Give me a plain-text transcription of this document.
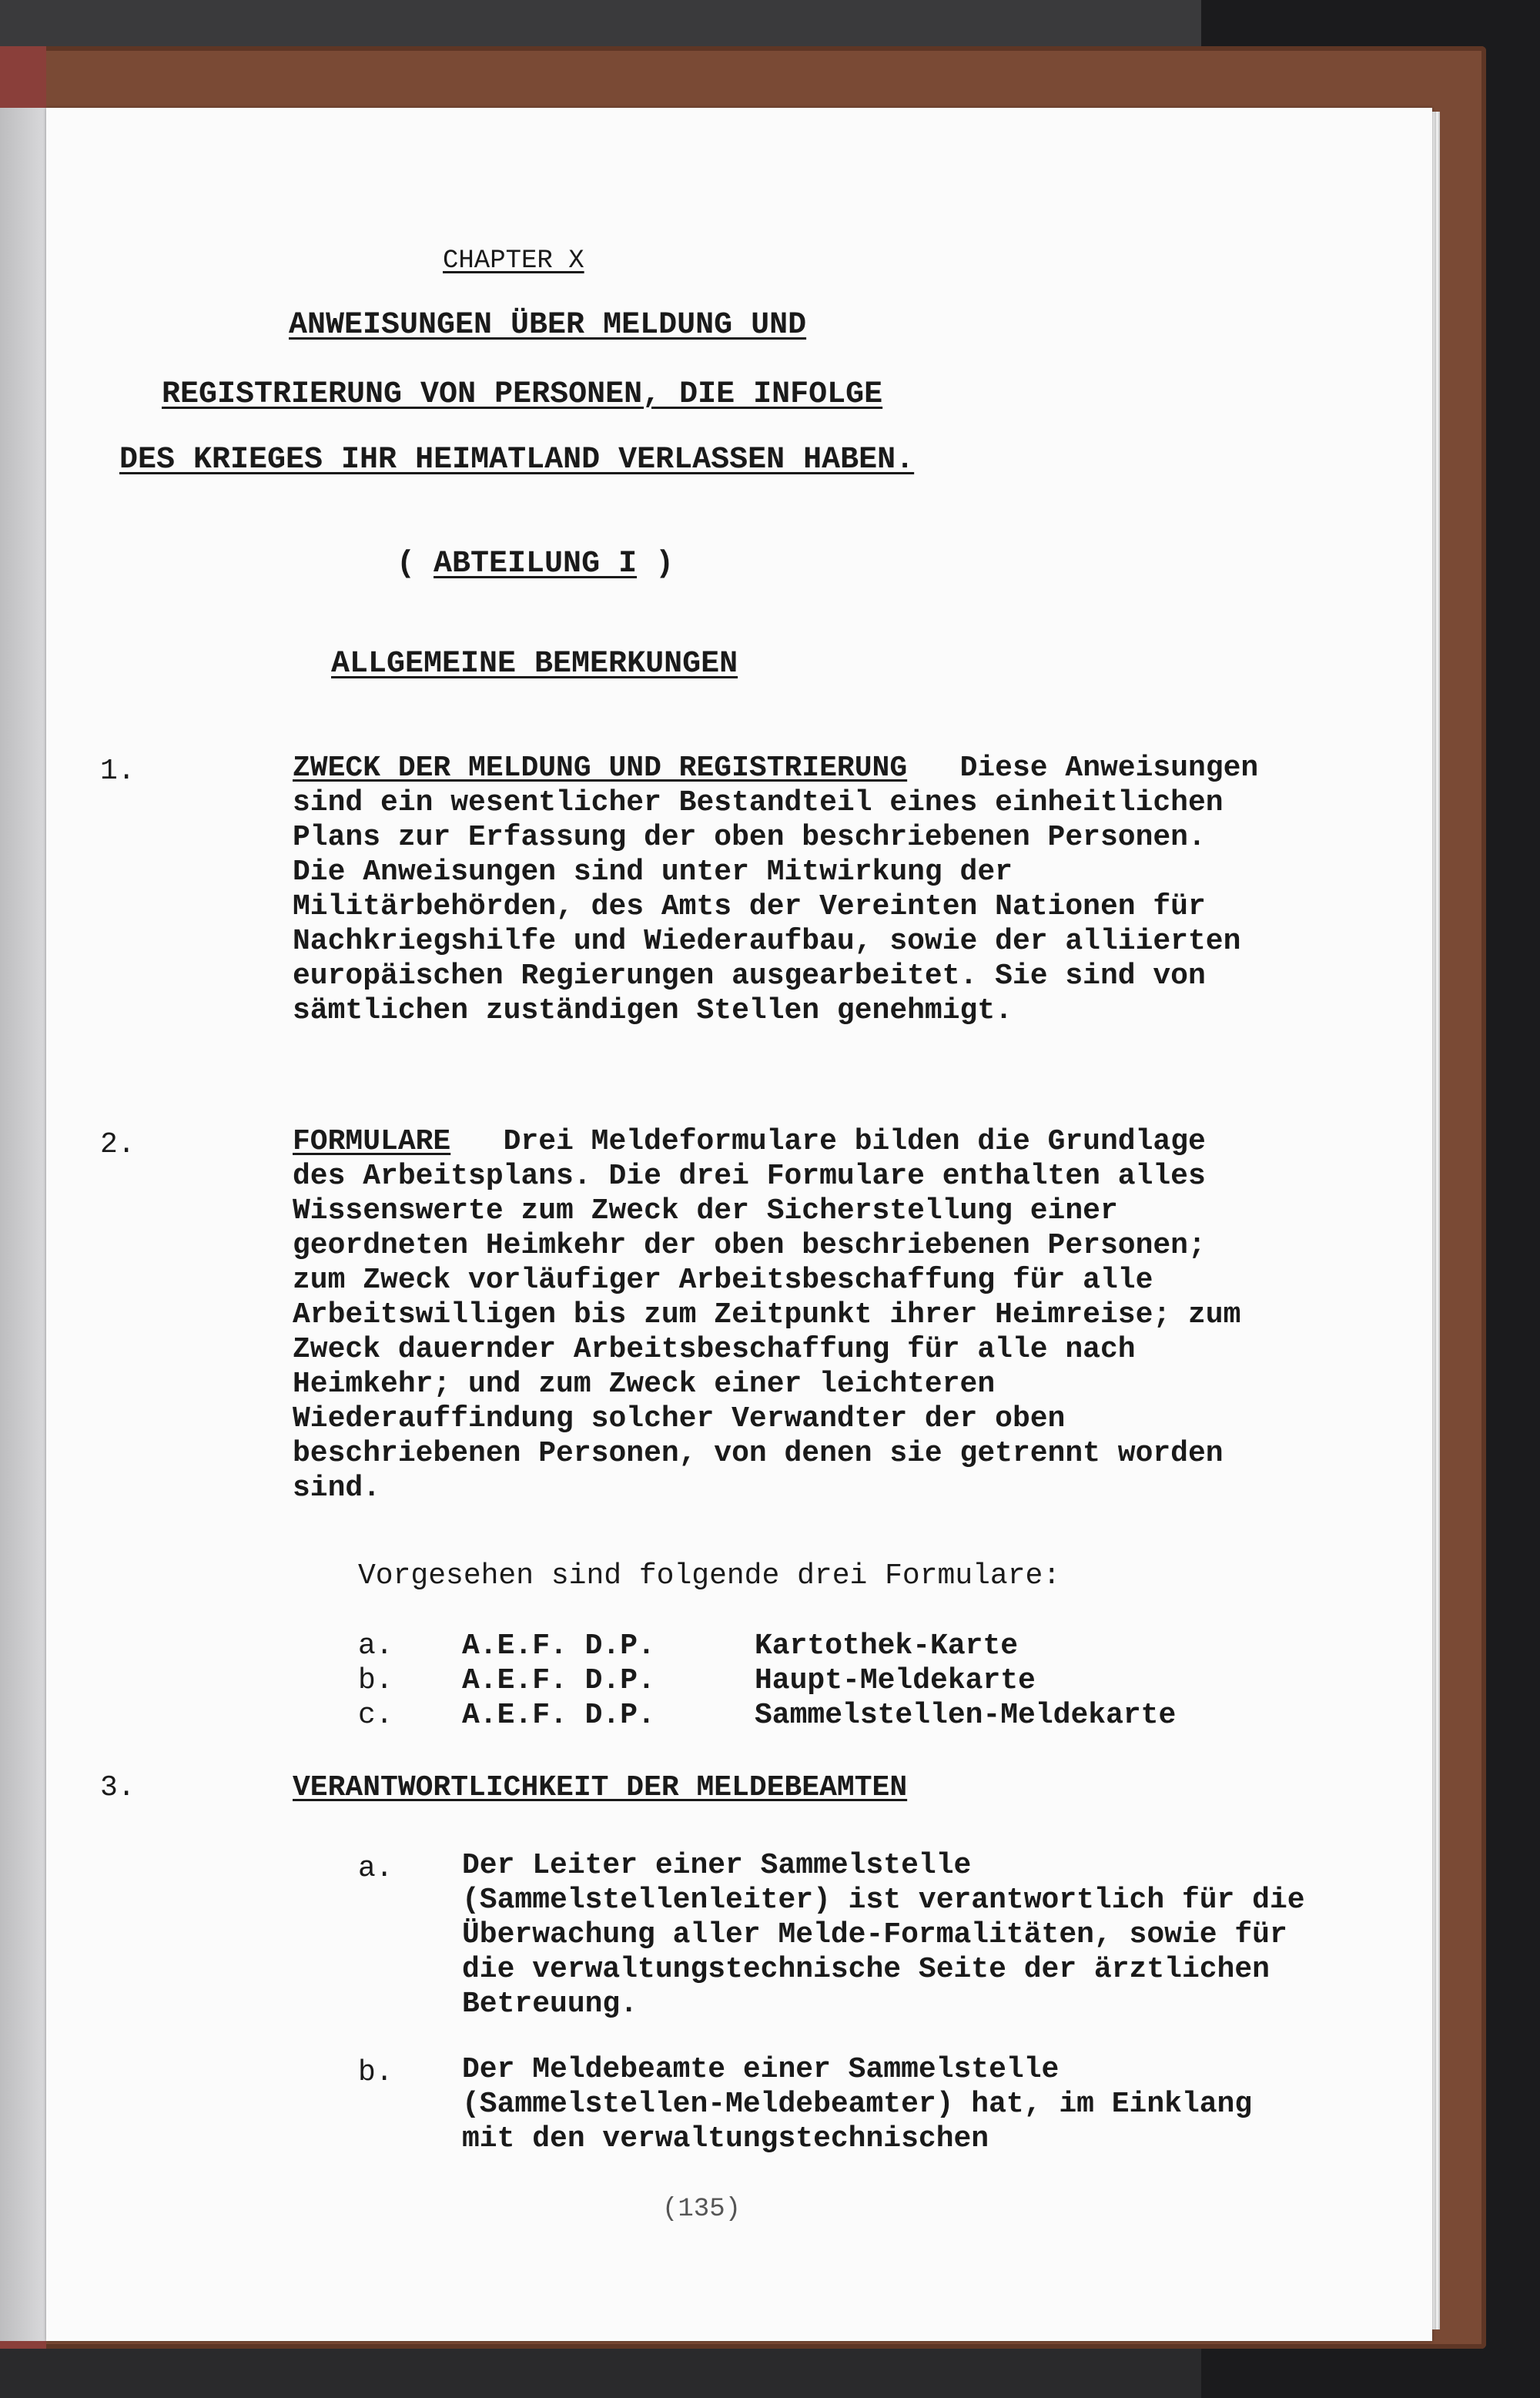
CHAPTER X

ANWEISUNGEN ÜBER MELDUNG UND

REGISTRIERUNG VON PERSONEN, DIE INFOLGE

DES KRIEGES IHR HEIMATLAND VERLASSEN HABEN.

( ABTEILUNG I )

ALLGEMEINE BEMERKUNGEN

1.	ZWECK DER MELDUNG UND REGISTRIERUNG Diese Anweisungen sind ein wesentlicher Bestandteil eines einheitlichen Plans zur Erfassung der oben beschriebenen Personen. Die Anweisungen sind unter Mitwirkung der Militärbehörden, des Amts der Vereinten Nationen für Nachkriegshilfe und Wiederaufbau, sowie der alliierten europäischen Regierungen ausgearbeitet. Sie sind von sämtlichen zuständigen Stellen genehmigt.

2.	FORMULARE Drei Meldeformulare bilden die Grundlage des Arbeitsplans. Die drei Formulare enthalten alles Wissenswerte zum Zweck der Sicherstellung einer geordneten Heimkehr der oben beschriebenen Personen; zum Zweck vorläufiger Arbeitsbeschaffung für alle Arbeitswilligen bis zum Zeitpunkt ihrer Heimreise; zum Zweck dauernder Arbeitsbeschaffung für alle nach Heimkehr; und zum Zweck einer leichteren Wiederauffindung solcher Verwandter der oben beschriebenen Personen, von denen sie getrennt worden sind.

Vorgesehen sind folgende drei Formulare:

a. A.E.F. D.P.	Kartothek-Karte
b. A.E.F. D.P.	Haupt-Meldekarte
c. A.E.F. D.P.	Sammelstellen-Meldekarte

3.	VERANTWORTLICHKEIT DER MELDEBEAMTEN

a. Der Leiter einer Sammelstelle (Sammelstellenleiter) ist verantwortlich für die Überwachung aller Melde-Formalitäten, sowie für die verwaltungstechnische Seite der ärztlichen Betreuung.

b. Der Meldebeamte einer Sammelstelle (Sammelstellen-Meldebeamter) hat, im Einklang mit den verwaltungstechnischen

(135)
